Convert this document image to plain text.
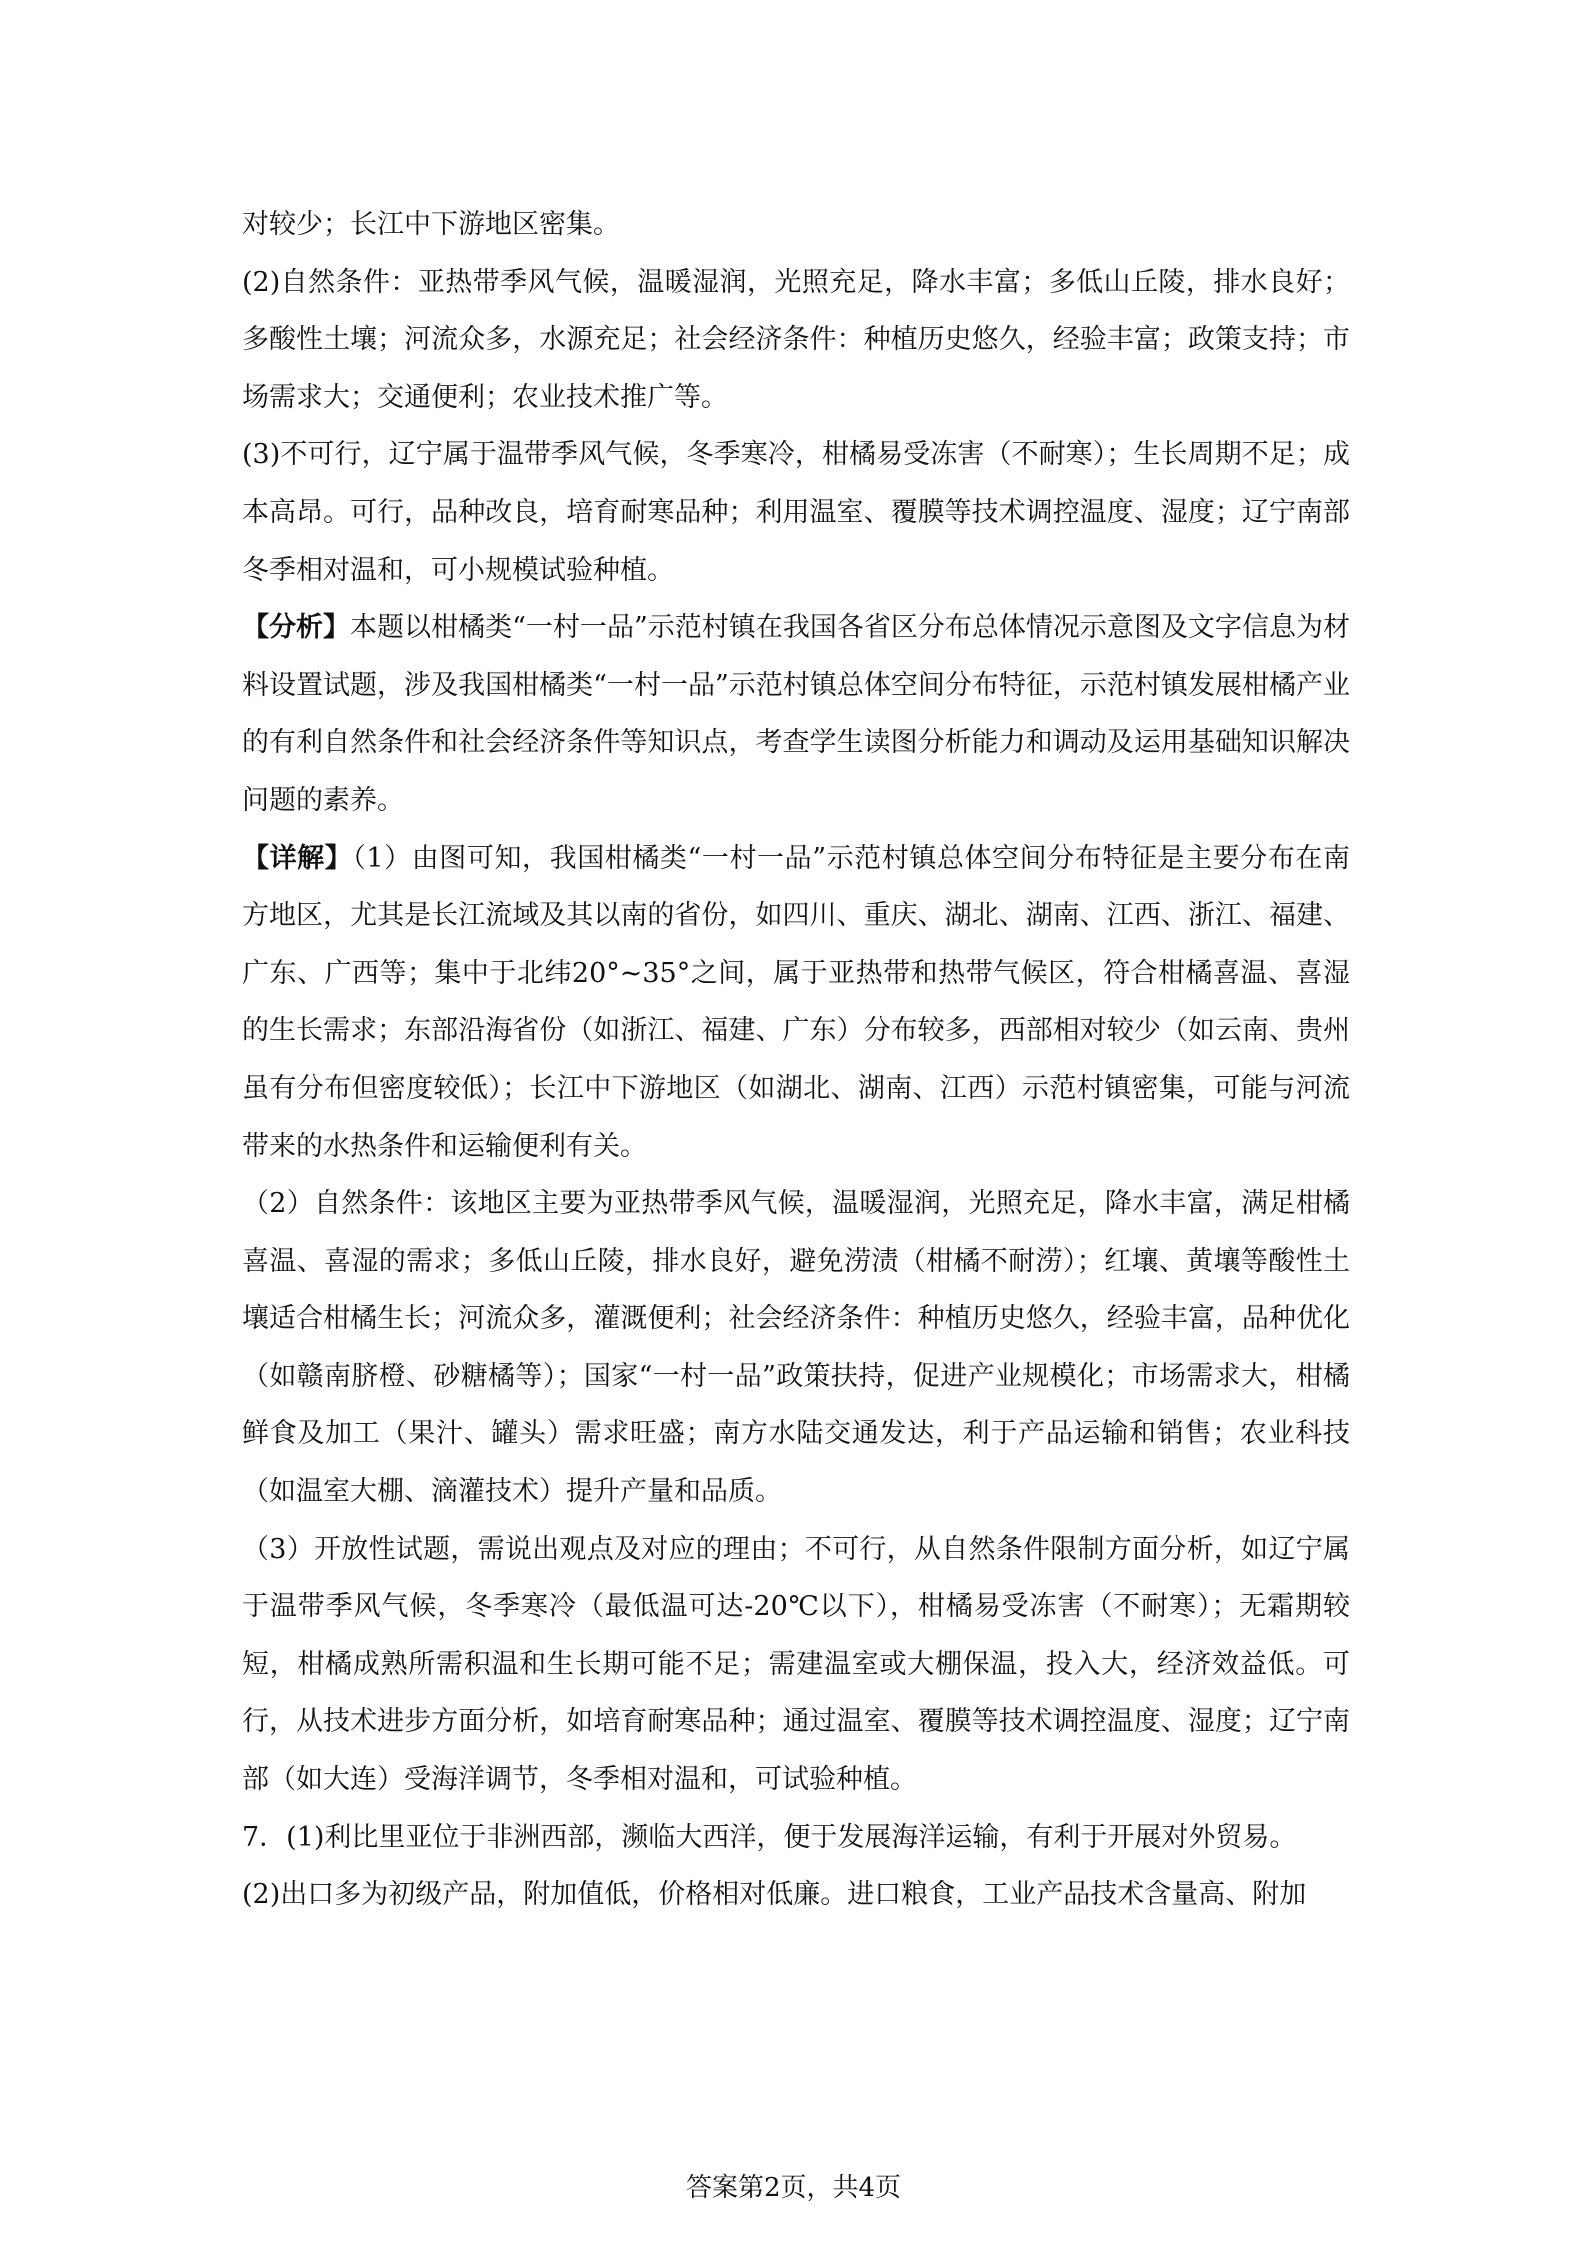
对较少；长江中下游地区密集。

(2)自然条件：亚热带季风气候，温暖湿润，光照充足，降水丰富；多低山丘陵，排水良好；多酸性土壤；河流众多，水源充足；社会经济条件：种植历史悠久，经验丰富；政策支持；市场需求大；交通便利；农业技术推广等。

(3)不可行，辽宁属于温带季风气候，冬季寒冷，柑橘易受冻害（不耐寒）；生长周期不足；成本高昂。可行，品种改良，培育耐寒品种；利用温室、覆膜等技术调控温度、湿度；辽宁南部冬季相对温和，可小规模试验种植。

【分析】本题以柑橘类“一村一品”示范村镇在我国各省区分布总体情况示意图及文字信息为材料设置试题，涉及我国柑橘类“一村一品”示范村镇总体空间分布特征，示范村镇发展柑橘产业的有利自然条件和社会经济条件等知识点，考查学生读图分析能力和调动及运用基础知识解决问题的素养。

【详解】（1）由图可知，我国柑橘类“一村一品”示范村镇总体空间分布特征是主要分布在南方地区，尤其是长江流域及其以南的省份，如四川、重庆、湖北、湖南、江西、浙江、福建、广东、广西等；集中于北纬20°~35°之间，属于亚热带和热带气候区，符合柑橘喜温、喜湿的生长需求；东部沿海省份（如浙江、福建、广东）分布较多，西部相对较少（如云南、贵州虽有分布但密度较低）；长江中下游地区（如湖北、湖南、江西）示范村镇密集，可能与河流带来的水热条件和运输便利有关。

（2）自然条件：该地区主要为亚热带季风气候，温暖湿润，光照充足，降水丰富，满足柑橘喜温、喜湿的需求；多低山丘陵，排水良好，避免涝渍（柑橘不耐涝）；红壤、黄壤等酸性土壤适合柑橘生长；河流众多，灌溉便利；社会经济条件：种植历史悠久，经验丰富，品种优化（如赣南脐橙、砂糖橘等）；国家“一村一品”政策扶持，促进产业规模化；市场需求大，柑橘鲜食及加工（果汁、罐头）需求旺盛；南方水陆交通发达，利于产品运输和销售；农业科技（如温室大棚、滴灌技术）提升产量和品质。

（3）开放性试题，需说出观点及对应的理由；不可行，从自然条件限制方面分析，如辽宁属于温带季风气候，冬季寒冷（最低温可达-20℃以下），柑橘易受冻害（不耐寒）；无霜期较短，柑橘成熟所需积温和生长期可能不足；需建温室或大棚保温，投入大，经济效益低。可行，从技术进步方面分析，如培育耐寒品种；通过温室、覆膜等技术调控温度、湿度；辽宁南部（如大连）受海洋调节，冬季相对温和，可试验种植。

7．(1)利比里亚位于非洲西部，濒临大西洋，便于发展海洋运输，有利于开展对外贸易。

(2)出口多为初级产品，附加值低，价格相对低廉。进口粮食，工业产品技术含量高、附加

答案第2页，共4页
